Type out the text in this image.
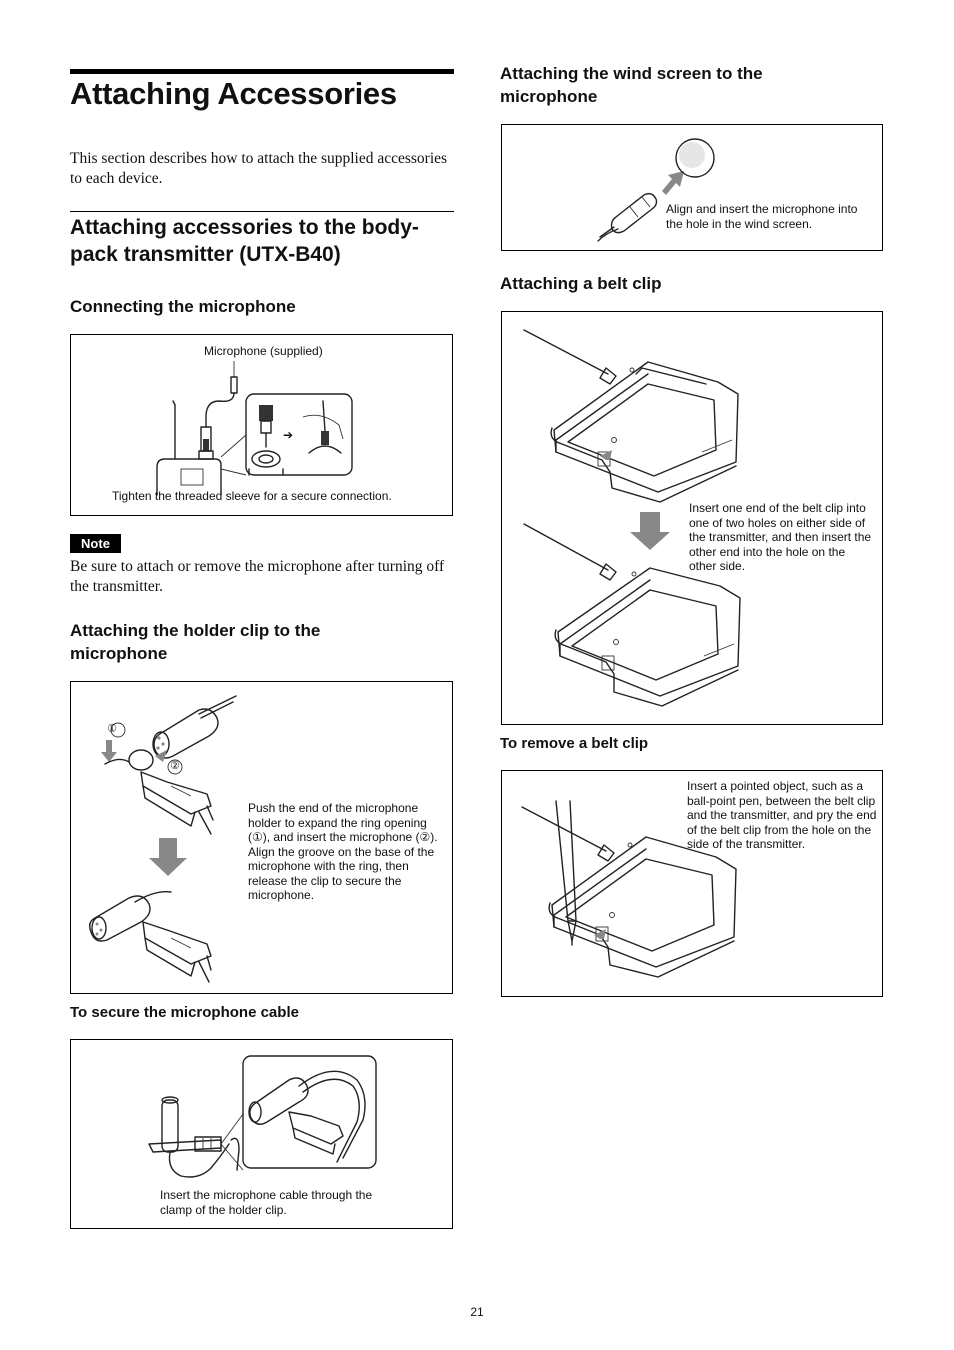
Attaching Accessories
This section describes how to attach the supplied accessories to each device.
Attaching accessories to the body-pack transmitter (UTX-B40)
Connecting the microphone
Microphone (supplied)
➔
Tighten the threaded sleeve for a secure connection.
Note
Be sure to attach or remove the microphone after turning off the transmitter.
Attaching the holder clip to the microphone
①
②
Push the end of the microphone holder to expand the ring opening (①), and insert the microphone (②). Align the groove on the base of the microphone with the ring, then release the clip to secure the microphone.
To secure the microphone cable
Insert the microphone cable through the clamp of the holder clip.
Attaching the wind screen to the microphone
Align and insert the microphone into the hole in the wind screen.
Attaching a belt clip
Insert one end of the belt clip into one of two holes on either side of the transmitter, and then insert the other end into the hole on the other side.
To remove a belt clip
Insert a pointed object, such as a ball-point pen, between the belt clip and the transmitter, and pry the end of the belt clip from the hole on the side of the transmitter.
21
